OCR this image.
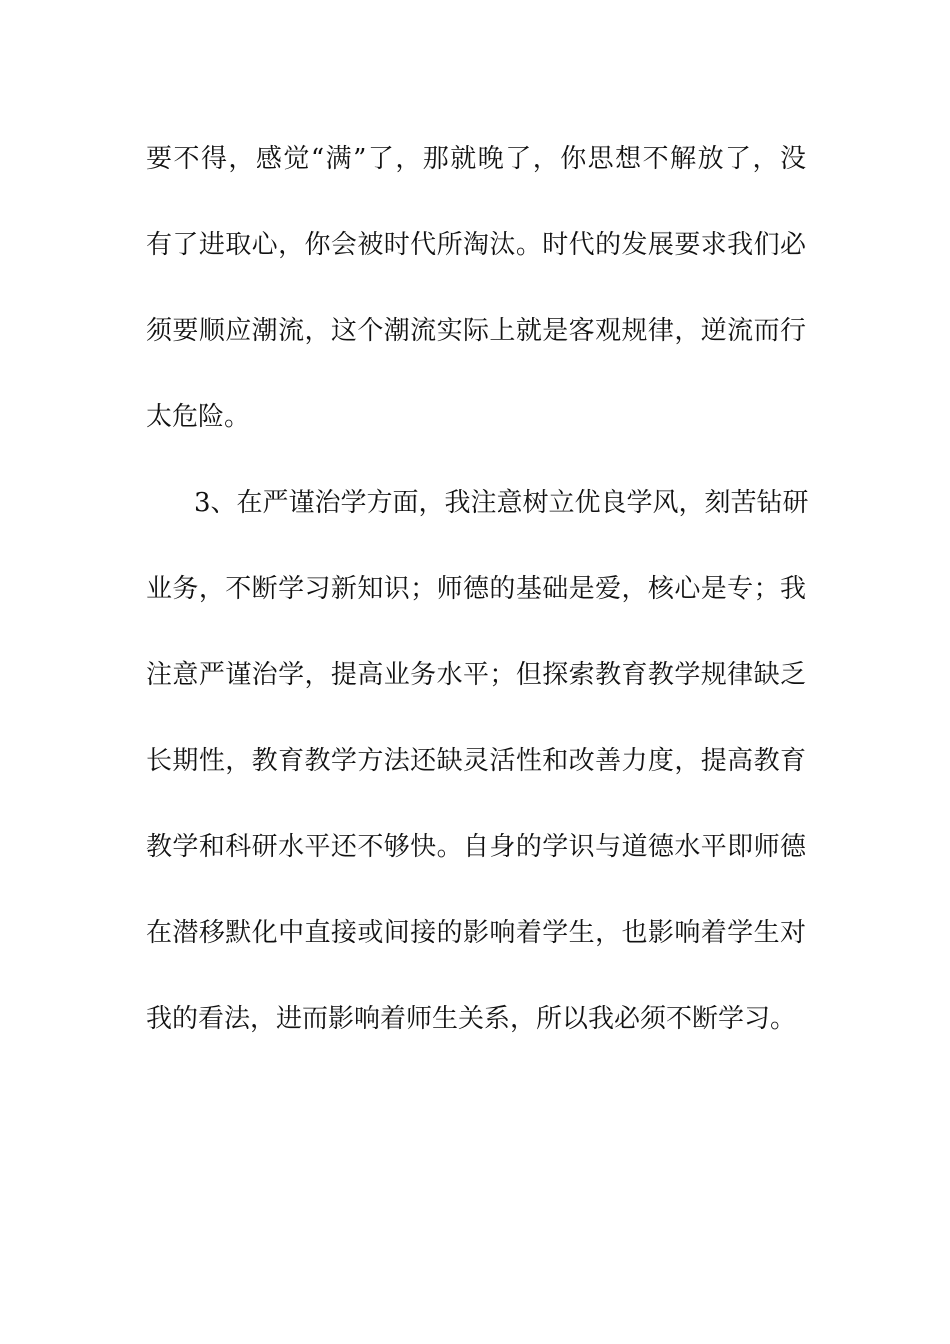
要不得，感觉“满”了，那就晚了，你思想不解放了，没
有了进取心，你会被时代所淘汰。时代的发展要求我们必
须要顺应潮流，这个潮流实际上就是客观规律，逆流而行
太危险。
3、在严谨治学方面，我注意树立优良学风，刻苦钻研
业务，不断学习新知识；师德的基础是爱，核心是专；我
注意严谨治学，提高业务水平；但探索教育教学规律缺乏
长期性，教育教学方法还缺灵活性和改善力度，提高教育
教学和科研水平还不够快。自身的学识与道德水平即师德
在潜移默化中直接或间接的影响着学生，也影响着学生对
我的看法，进而影响着师生关系，所以我必须不断学习。
